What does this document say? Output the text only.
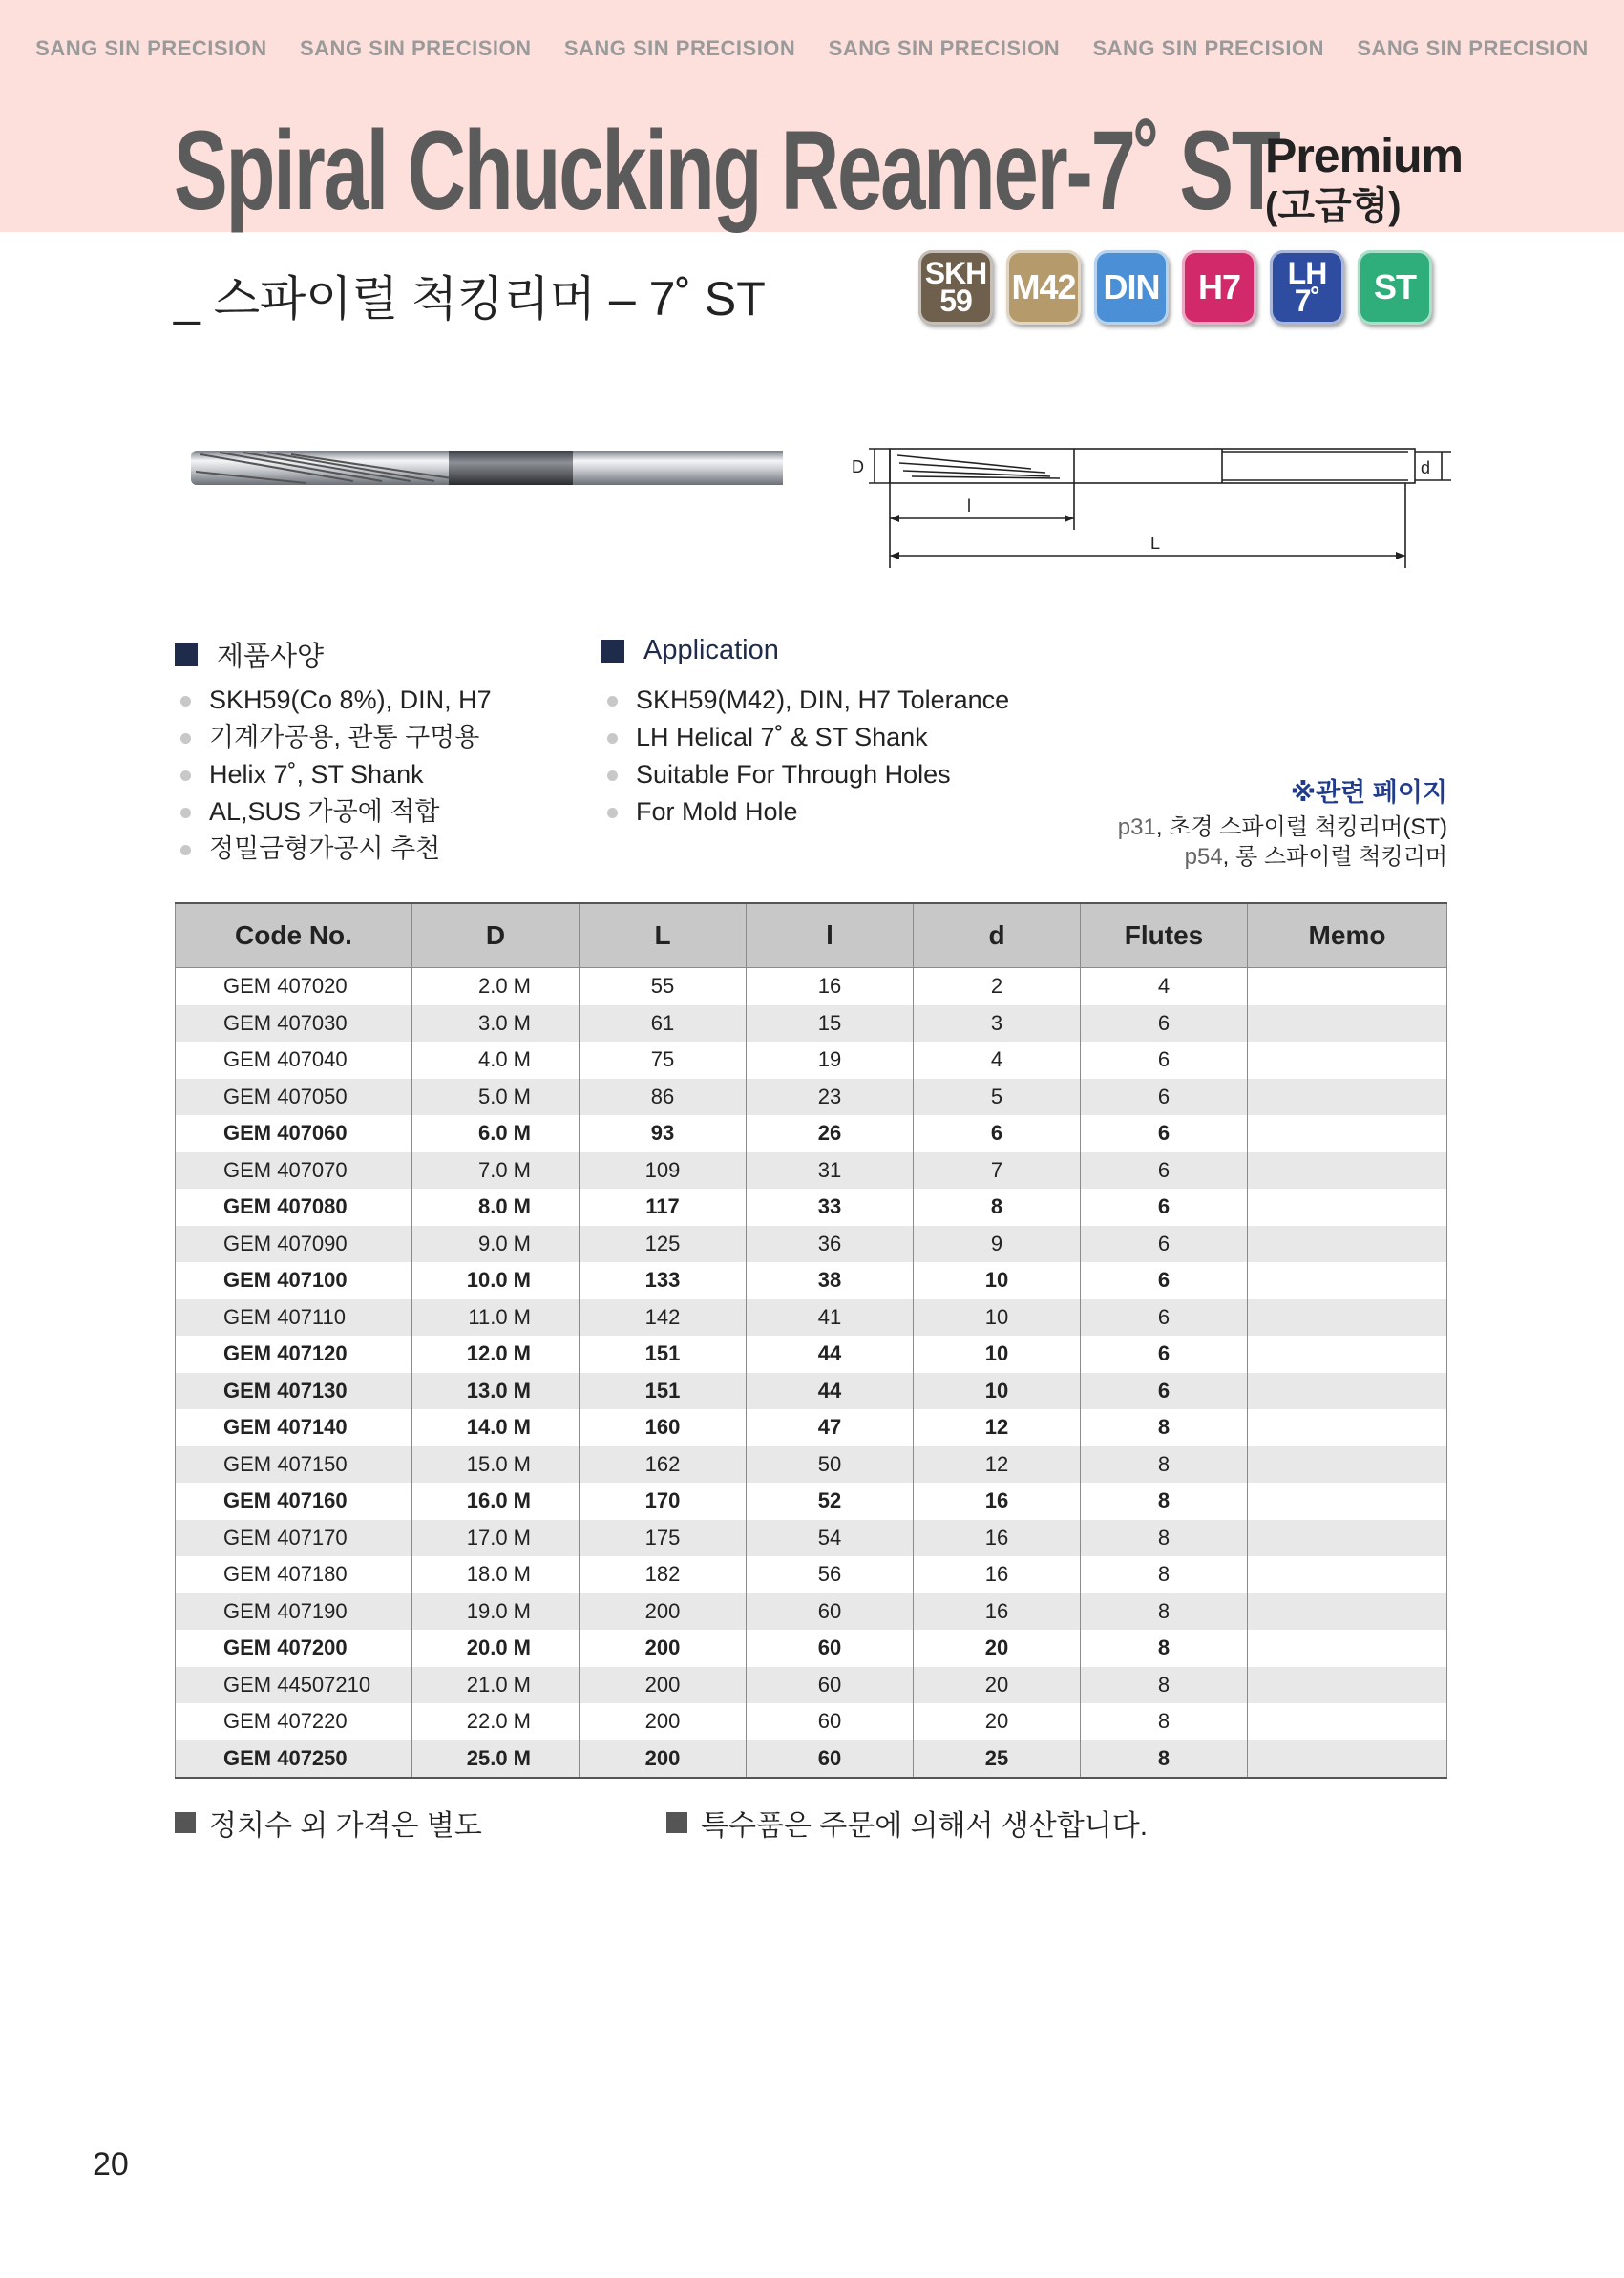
SANG SIN PRECISION SANG SIN PRECISION SANG SIN PRECISION SANG SIN PRECISION SANG SIN PRECISION SANG SIN PRECISION
Spiral Chucking Reamer-7˚ ST
Premium
(고급형)
_ 스파이럴 척킹리머 – 7˚ ST	SKH
59 M42 DIN H7 LH
7˚ ST
D	d
l
L
제품사양
SKH59(Co 8%), DIN, H7
기계가공용, 관통 구멍용
Helix 7˚, ST Shank
AL,SUS 가공에 적합
정밀금형가공시 추천
Application
SKH59(M42), DIN, H7 Tolerance
LH Helical 7˚ & ST Shank
Suitable For Through Holes
For Mold Hole
※관련 페이지
p31, 초경 스파이럴 척킹리머(ST)
p54, 롱 스파이럴 척킹리머
Code No.	D	L	l	d	Flutes	Memo
GEM 407020	2.0 M	55	16	2	4	
GEM 407030	3.0 M	61	15	3	6	
GEM 407040	4.0 M	75	19	4	6	
GEM 407050	5.0 M	86	23	5	6	
GEM 407060	6.0 M	93	26	6	6	
GEM 407070	7.0 M	109	31	7	6	
GEM 407080	8.0 M	117	33	8	6	
GEM 407090	9.0 M	125	36	9	6	
GEM 407100	10.0 M	133	38	10	6	
GEM 407110	11.0 M	142	41	10	6	
GEM 407120	12.0 M	151	44	10	6	
GEM 407130	13.0 M	151	44	10	6	
GEM 407140	14.0 M	160	47	12	8	
GEM 407150	15.0 M	162	50	12	8	
GEM 407160	16.0 M	170	52	16	8	
GEM 407170	17.0 M	175	54	16	8	
GEM 407180	18.0 M	182	56	16	8	
GEM 407190	19.0 M	200	60	16	8	
GEM 407200	20.0 M	200	60	20	8	
GEM 44507210	21.0 M	200	60	20	8	
GEM 407220	22.0 M	200	60	20	8	
GEM 407250	25.0 M	200	60	25	8	
정치수 외 가격은 별도	특수품은 주문에 의해서 생산합니다.
20
